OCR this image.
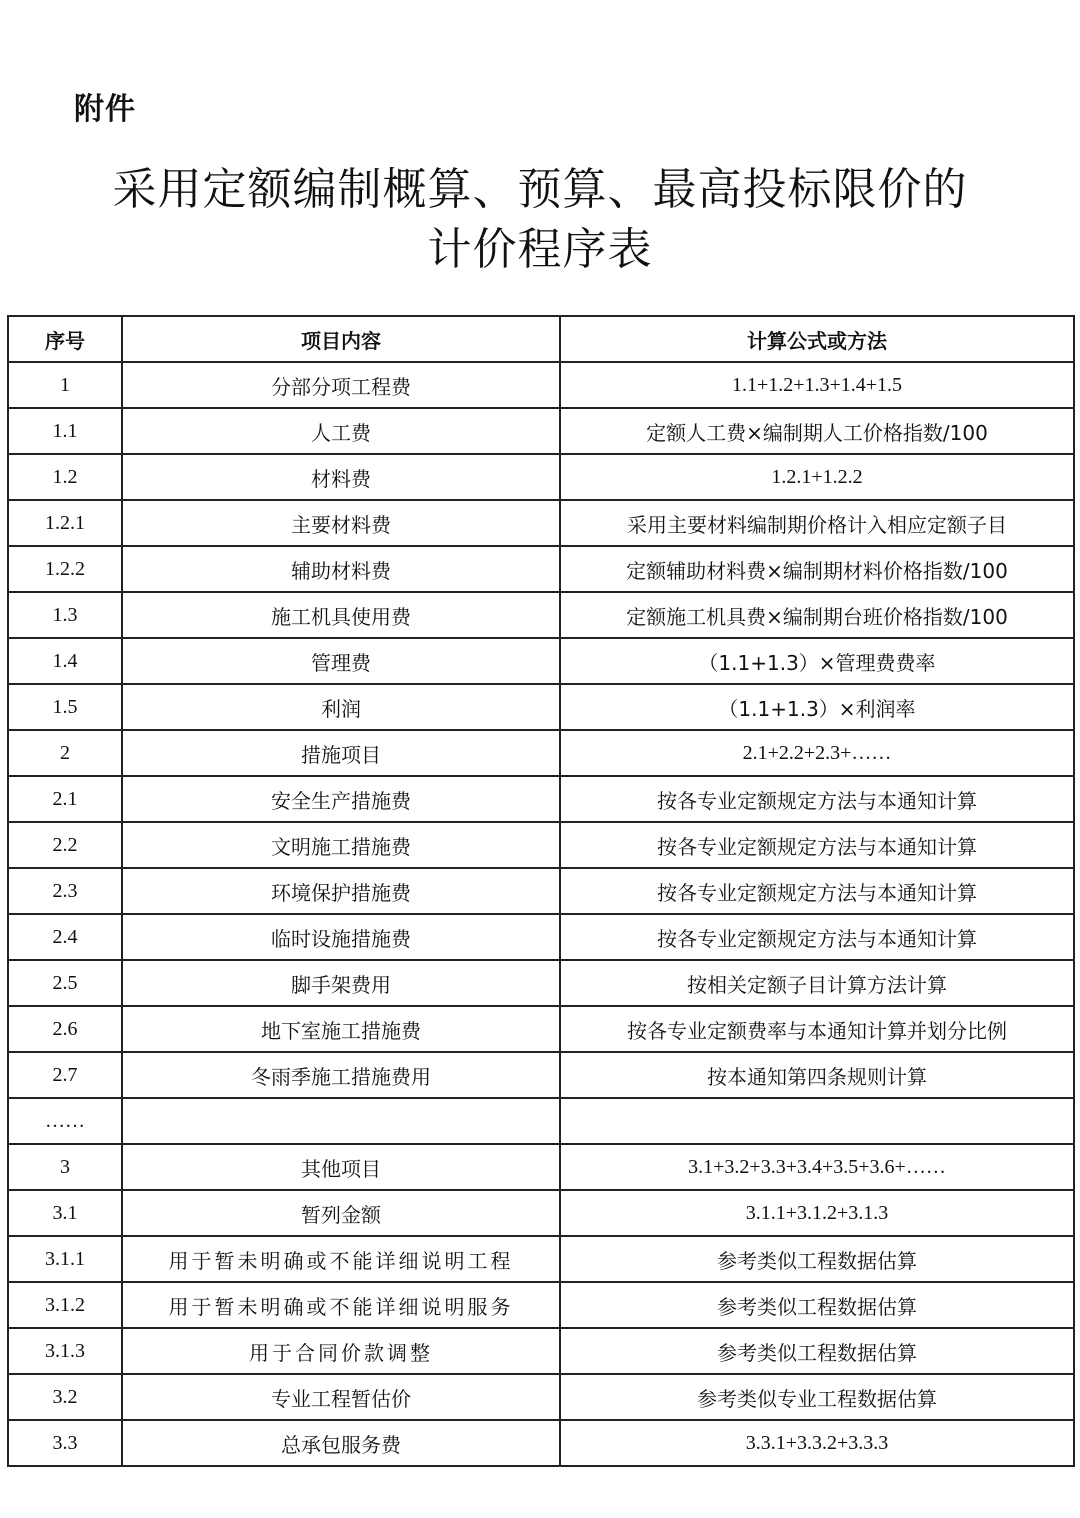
附件
采用定额编制概算、预算、最高投标限价的
计价程序表
序号	项目内容	计算公式或方法
1	分部分项工程费	1.1+1.2+1.3+1.4+1.5
1.1	人工费	定额人工费×编制期人工价格指数/100
1.2	材料费	1.2.1+1.2.2
1.2.1	主要材料费	采用主要材料编制期价格计入相应定额子目
1.2.2	辅助材料费	定额辅助材料费×编制期材料价格指数/100
1.3	施工机具使用费	定额施工机具费×编制期台班价格指数/100
1.4	管理费	（1.1+1.3）×管理费费率
1.5	利润	（1.1+1.3）×利润率
2	措施项目	2.1+2.2+2.3+……
2.1	安全生产措施费	按各专业定额规定方法与本通知计算
2.2	文明施工措施费	按各专业定额规定方法与本通知计算
2.3	环境保护措施费	按各专业定额规定方法与本通知计算
2.4	临时设施措施费	按各专业定额规定方法与本通知计算
2.5	脚手架费用	按相关定额子目计算方法计算
2.6	地下室施工措施费	按各专业定额费率与本通知计算并划分比例
2.7	冬雨季施工措施费用	按本通知第四条规则计算
……		
3	其他项目	3.1+3.2+3.3+3.4+3.5+3.6+……
3.1	暂列金额	3.1.1+3.1.2+3.1.3
3.1.1	用于暂未明确或不能详细说明工程	参考类似工程数据估算
3.1.2	用于暂未明确或不能详细说明服务	参考类似工程数据估算
3.1.3	用于合同价款调整	参考类似工程数据估算
3.2	专业工程暂估价	参考类似专业工程数据估算
3.3	总承包服务费	3.3.1+3.3.2+3.3.3
